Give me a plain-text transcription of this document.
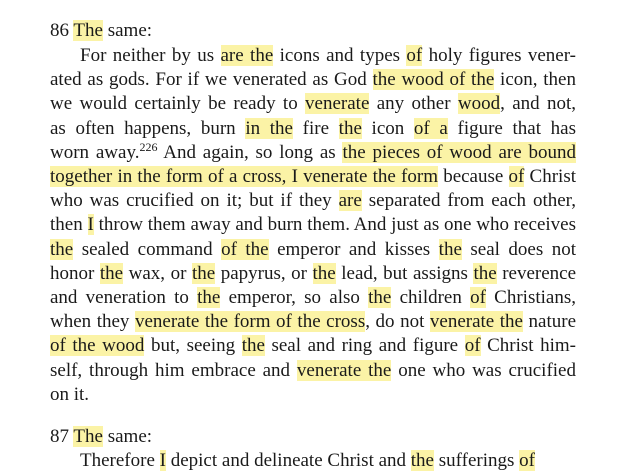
86 The same:
For neither by us are the icons and types of holy figures vener-
ated as gods. For if we venerated as God the wood of the icon, then
we would certainly be ready to venerate any other wood, and not,
as often happens, burn in the fire the icon of a figure that has
worn away.$^{226}$ And again, so long as the pieces of wood are bound
together in the form of a cross, I venerate the form because of Christ
who was crucified on it; but if they are separated from each other,
then I throw them away and burn them. And just as one who receives
the sealed command of the emperor and kisses the seal does not
honor the wax, or the papyrus, or the lead, but assigns the reverence
and veneration to the emperor, so also the children of Christians,
when they venerate the form of the cross, do not venerate the nature
of the wood but, seeing the seal and ring and figure of Christ him-
self, through him embrace and venerate the one who was crucified
on it.
87 The same:
Therefore I depict and delineate Christ and the sufferings of
